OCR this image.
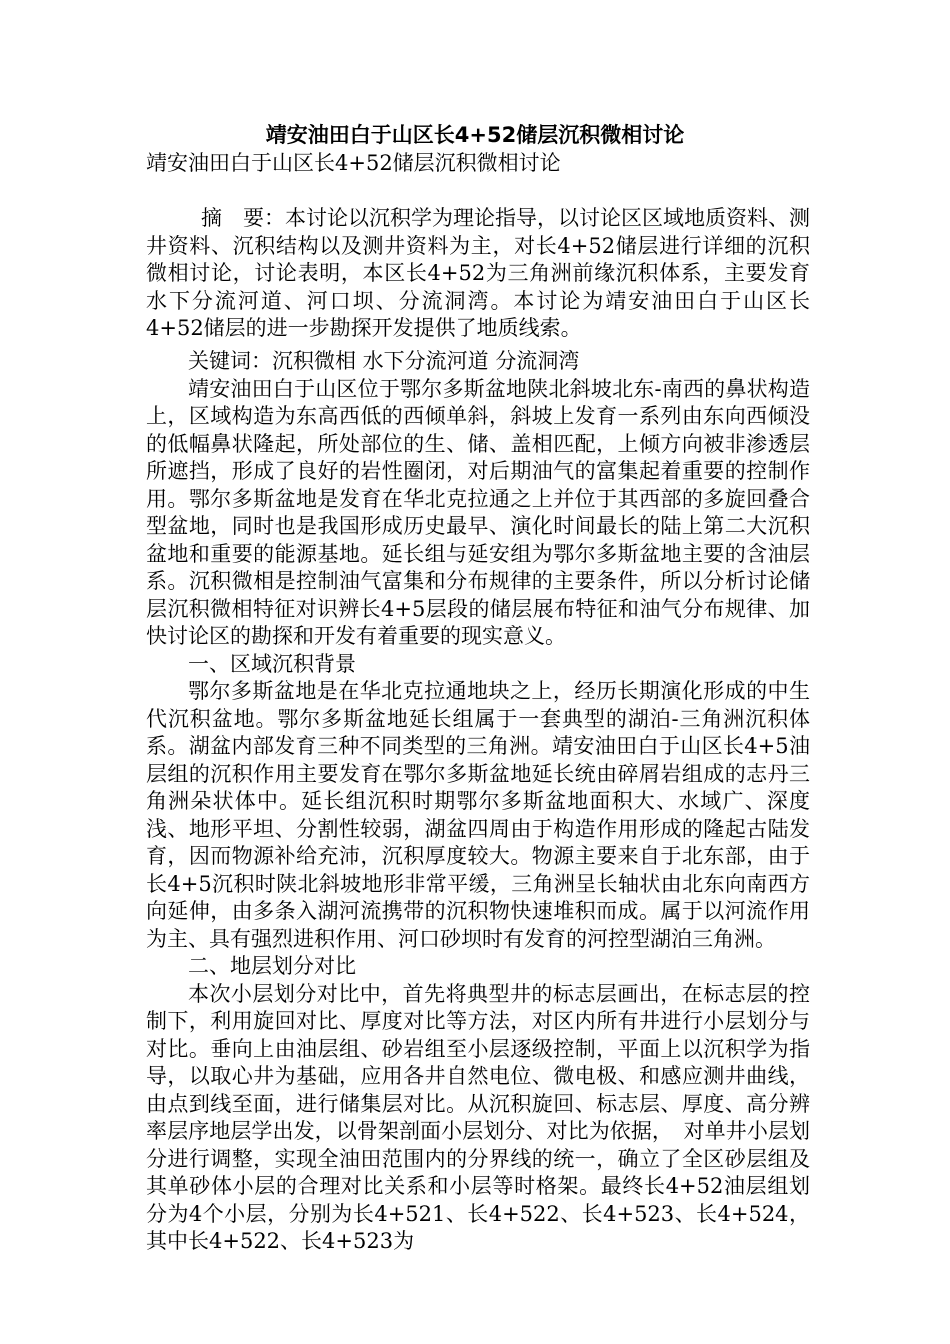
靖安油田白于山区长4+52储层沉积微相讨论
靖安油田白于山区长4+52储层沉积微相讨论

摘　要：本讨论以沉积学为理论指导，以讨论区区域地质资料、测井资料、沉积结构以及测井资料为主，对长4+52储层进行详细的沉积微相讨论，讨论表明，本区长4+52为三角洲前缘沉积体系，主要发育水下分流河道、河口坝、分流洞湾。本讨论为靖安油田白于山区长4+52储层的进一步勘探开发提供了地质线索。

关键词：沉积微相 水下分流河道 分流洞湾

靖安油田白于山区位于鄂尔多斯盆地陕北斜坡北东-南西的鼻状构造上，区域构造为东高西低的西倾单斜，斜坡上发育一系列由东向西倾没的低幅鼻状隆起，所处部位的生、储、盖相匹配，上倾方向被非渗透层所遮挡，形成了良好的岩性圈闭，对后期油气的富集起着重要的控制作用。鄂尔多斯盆地是发育在华北克拉通之上并位于其西部的多旋回叠合型盆地，同时也是我国形成历史最早、演化时间最长的陆上第二大沉积盆地和重要的能源基地。延长组与延安组为鄂尔多斯盆地主要的含油层系。沉积微相是控制油气富集和分布规律的主要条件，所以分析讨论储层沉积微相特征对识辨长4+5层段的储层展布特征和油气分布规律、加快讨论区的勘探和开发有着重要的现实意义。

一、区域沉积背景

鄂尔多斯盆地是在华北克拉通地块之上，经历长期演化形成的中生代沉积盆地。鄂尔多斯盆地延长组属于一套典型的湖泊-三角洲沉积体系。湖盆内部发育三种不同类型的三角洲。靖安油田白于山区长4+5油层组的沉积作用主要发育在鄂尔多斯盆地延长统由碎屑岩组成的志丹三角洲朵状体中。延长组沉积时期鄂尔多斯盆地面积大、水域广、深度浅、地形平坦、分割性较弱，湖盆四周由于构造作用形成的隆起古陆发育，因而物源补给充沛，沉积厚度较大。物源主要来自于北东部，由于长4+5沉积时陕北斜坡地形非常平缓，三角洲呈长轴状由北东向南西方向延伸，由多条入湖河流携带的沉积物快速堆积而成。属于以河流作用为主、具有强烈进积作用、河口砂坝时有发育的河控型湖泊三角洲。

二、地层划分对比

本次小层划分对比中，首先将典型井的标志层画出，在标志层的控制下，利用旋回对比、厚度对比等方法，对区内所有井进行小层划分与对比。垂向上由油层组、砂岩组至小层逐级控制，平面上以沉积学为指导，以取心井为基础，应用各井自然电位、微电极、和感应测井曲线，由点到线至面，进行储集层对比。从沉积旋回、标志层、厚度、高分辨率层序地层学出发，以骨架剖面小层划分、对比为依据，　对单井小层划分进行调整，实现全油田范围内的分界线的统一，确立了全区砂层组及其单砂体小层的合理对比关系和小层等时格架。最终长4+52油层组划分为4个小层，分别为长4+521、长4+522、长4+523、长4+524，其中长4+522、长4+523为
